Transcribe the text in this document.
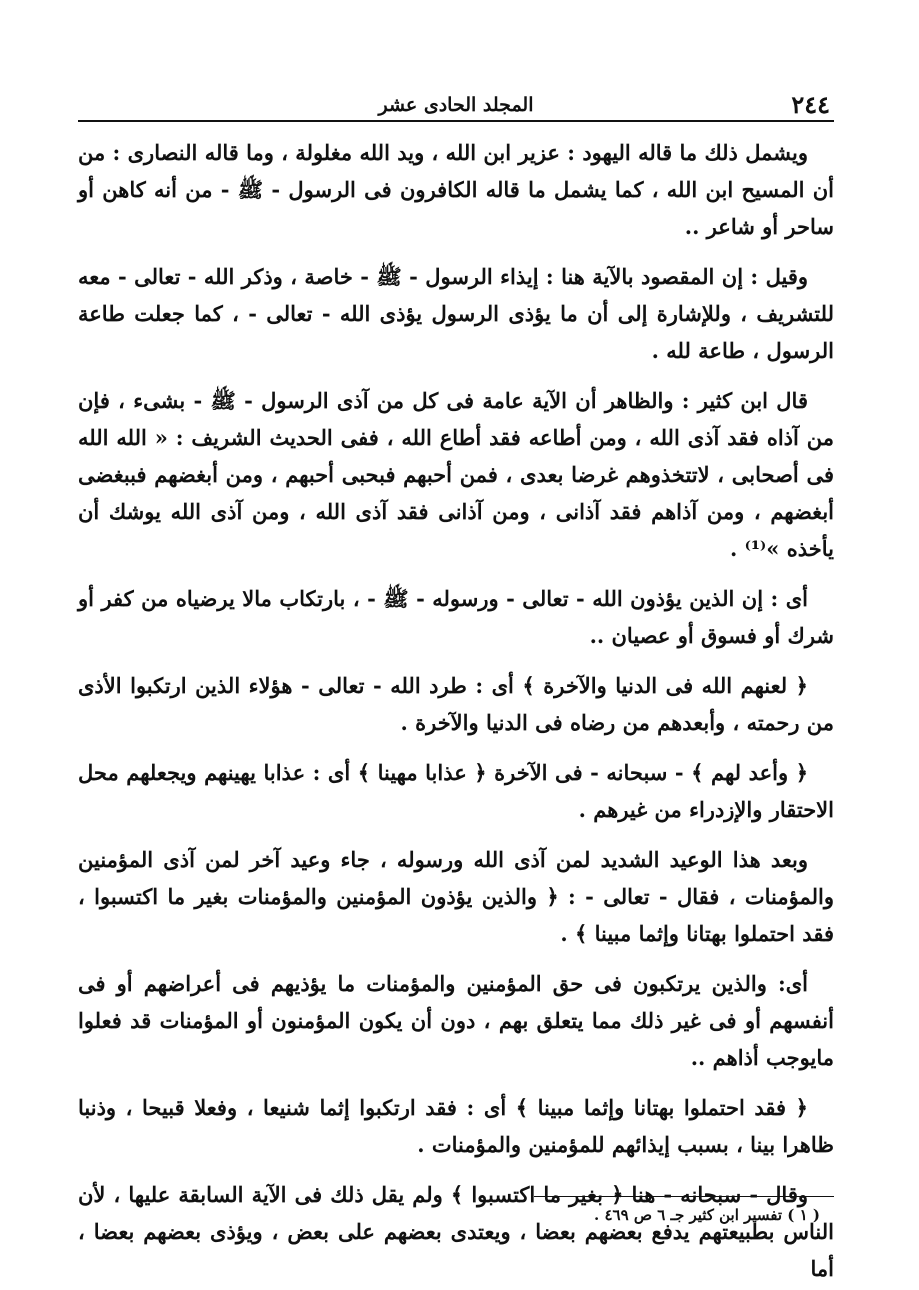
٢٤٤
المجلد الحادى عشر

ويشمل ذلك ما قاله اليهود : عزير ابن الله ، ويد الله مغلولة ، وما قاله النصارى : من أن المسيح ابن الله ، كما يشمل ما قاله الكافرون فى الرسول - ﷺ - من أنه كاهن أو ساحر أو شاعر ..

وقيل : إن المقصود بالآية هنا : إيذاء الرسول - ﷺ - خاصة ، وذكر الله - تعالى - معه للتشريف ، وللإشارة إلى أن ما يؤذى الرسول يؤذى الله - تعالى - ، كما جعلت طاعة الرسول ، طاعة لله .

قال ابن كثير : والظاهر أن الآية عامة فى كل من آذى الرسول - ﷺ - بشىء ، فإن من آذاه فقد آذى الله ، ومن أطاعه فقد أطاع الله ، ففى الحديث الشريف : « الله الله فى أصحابى ، لاتتخذوهم غرضا بعدى ، فمن أحبهم فبحبى أحبهم ، ومن أبغضهم فببغضى أبغضهم ، ومن آذاهم فقد آذانى ، ومن آذانى فقد آذى الله ، ومن آذى الله يوشك أن يأخذه »⁽¹⁾ .

أى : إن الذين يؤذون الله - تعالى - ورسوله - ﷺ - ، بارتكاب مالا يرضياه من كفر أو شرك أو فسوق أو عصيان ..

﴿ لعنهم الله فى الدنيا والآخرة ﴾ أى : طرد الله - تعالى - هؤلاء الذين ارتكبوا الأذى من رحمته ، وأبعدهم من رضاه فى الدنيا والآخرة .

﴿ وأعد لهم ﴾ - سبحانه - فى الآخرة ﴿ عذابا مهينا ﴾ أى : عذابا يهينهم ويجعلهم محل الاحتقار والإزدراء من غيرهم .

وبعد هذا الوعيد الشديد لمن آذى الله ورسوله ، جاء وعيد آخر لمن آذى المؤمنين والمؤمنات ، فقال - تعالى - : ﴿ والذين يؤذون المؤمنين والمؤمنات بغير ما اكتسبوا ، فقد احتملوا بهتانا وإثما مبينا ﴾ .

أى: والذين يرتكبون فى حق المؤمنين والمؤمنات ما يؤذيهم فى أعراضهم أو فى أنفسهم أو فى غير ذلك مما يتعلق بهم ، دون أن يكون المؤمنون أو المؤمنات قد فعلوا مايوجب أذاهم ..

﴿ فقد احتملوا بهتانا وإثما مبينا ﴾ أى : فقد ارتكبوا إثما شنيعا ، وفعلا قبيحا ، وذنبا ظاهرا بينا ، بسبب إيذائهم للمؤمنين والمؤمنات .

وقال - سبحانه - هنا ﴿ بغير ما اكتسبوا ﴾ ولم يقل ذلك فى الآية السابقة عليها ، لأن الناس بطبيعتهم يدفع بعضهم بعضا ، ويعتدى بعضهم على بعض ، ويؤذى بعضهم بعضا ، أما

( ١ ) تفسير ابن كثير جـ ٦ ص ٤٦٩ .
